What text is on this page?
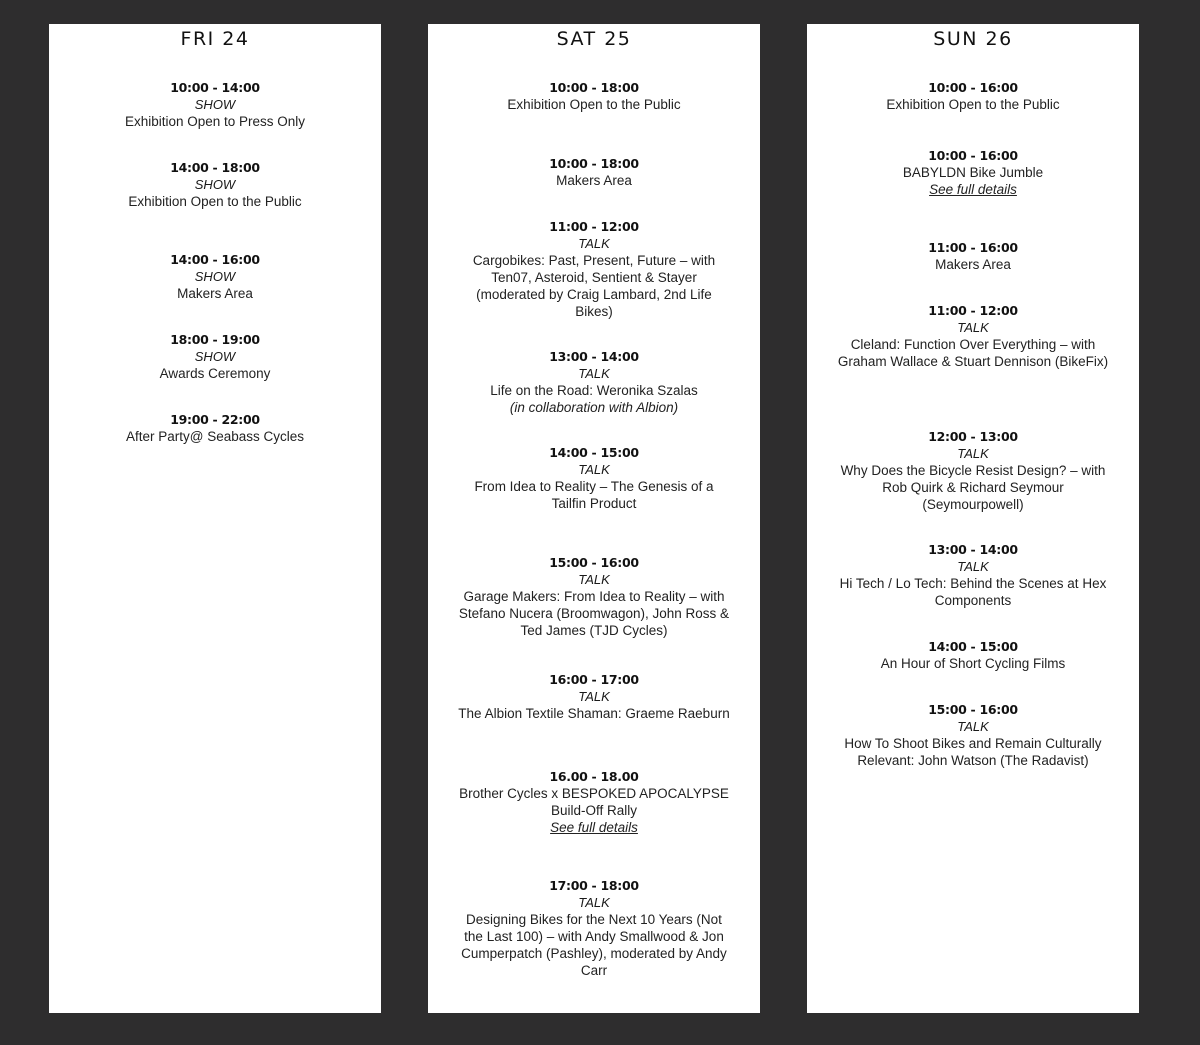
FRI 24
10:00 - 14:00
SHOW
Exhibition Open to Press Only
14:00 - 18:00
SHOW
Exhibition Open to the Public
14:00 - 16:00
SHOW
Makers Area
18:00 - 19:00
SHOW
Awards Ceremony
19:00 - 22:00
After Party@ Seabass Cycles
SAT 25
10:00 - 18:00
Exhibition Open to the Public
10:00 - 18:00
Makers Area
11:00 - 12:00
TALK
Cargobikes: Past, Present, Future – with Ten07, Asteroid, Sentient & Stayer (moderated by Craig Lambard, 2nd Life Bikes)
13:00 - 14:00
TALK
Life on the Road: Weronika Szalas
(in collaboration with Albion)
14:00 - 15:00
TALK
From Idea to Reality – The Genesis of a Tailfin Product
15:00 - 16:00
TALK
Garage Makers: From Idea to Reality – with Stefano Nucera (Broomwagon), John Ross & Ted James (TJD Cycles)
16:00 - 17:00
TALK
The Albion Textile Shaman: Graeme Raeburn
16.00 - 18.00
Brother Cycles x BESPOKED APOCALYPSE Build-Off Rally
See full details
17:00 - 18:00
TALK
Designing Bikes for the Next 10 Years (Not the Last 100) – with Andy Smallwood & Jon Cumperpatch (Pashley), moderated by Andy Carr
SUN 26
10:00 - 16:00
Exhibition Open to the Public
10:00 - 16:00
BABYLDN Bike Jumble
See full details
11:00 - 16:00
Makers Area
11:00 - 12:00
TALK
Cleland: Function Over Everything – with Graham Wallace & Stuart Dennison (BikeFix)
12:00 - 13:00
TALK
Why Does the Bicycle Resist Design? – with Rob Quirk & Richard Seymour (Seymourpowell)
13:00 - 14:00
TALK
Hi Tech / Lo Tech: Behind the Scenes at Hex Components
14:00 - 15:00
An Hour of Short Cycling Films
15:00 - 16:00
TALK
How To Shoot Bikes and Remain Culturally Relevant: John Watson (The Radavist)
